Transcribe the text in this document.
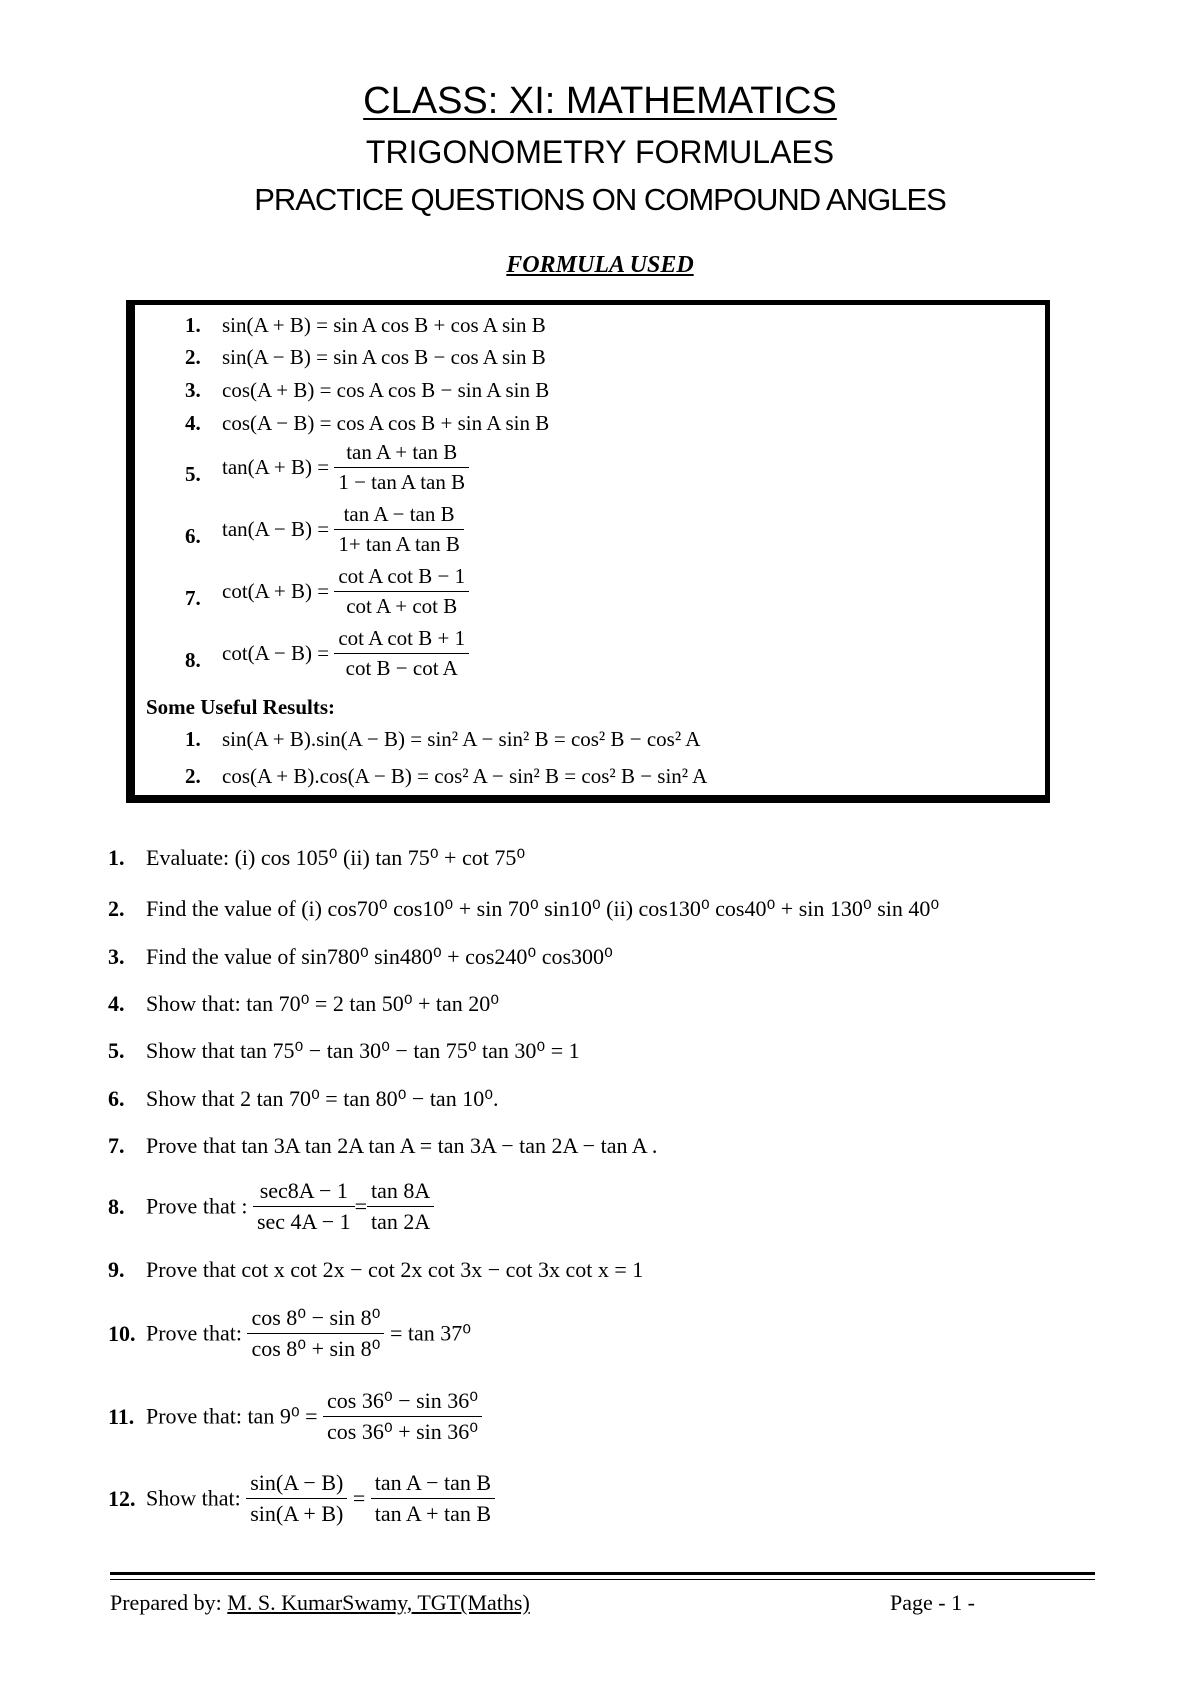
CLASS: XI: MATHEMATICS
TRIGONOMETRY FORMULAES
PRACTICE QUESTIONS ON COMPOUND ANGLES
FORMULA USED
1. sin(A + B) = sin A cos B + cos A sin B
2. sin(A − B) = sin A cos B − cos A sin B
3. cos(A + B) = cos A cos B − sin A sin B
4. cos(A − B) = cos A cos B + sin A sin B
5. $\tan(A + B) = \frac{\text{tan A + tan B}}{\text{1 − tan A tan B}}$
6. $\tan(A - B) = \frac{\text{tan A − tan B}}{\text{1+ tan A tan B}}$
7. $\cot(A + B) = \frac{\text{cot A cot B − 1}}{\text{cot A + cot B}}$
8. $\cot(A - B) = \frac{\text{cot A cot B + 1}}{\text{cot B − cot A}}$
Some Useful Results:
1. sin(A + B).sin(A − B) = sin² A − sin² B = cos² B − cos² A
2. cos(A + B).cos(A − B) = cos² A − sin² B = cos² B − sin² A
1. Evaluate: (i) cos 105⁰ (ii) tan 75⁰ + cot 75⁰
2. Find the value of (i) cos70⁰ cos10⁰ + sin 70⁰ sin10⁰ (ii) cos130⁰ cos40⁰ + sin 130⁰ sin 40⁰
3. Find the value of sin780⁰ sin480⁰ + cos240⁰ cos300⁰
4. Show that: tan 70⁰ = 2 tan 50⁰ + tan 20⁰
5. Show that tan 75⁰ − tan 30⁰ − tan 75⁰ tan 30⁰ = 1
6. Show that 2 tan 70⁰ = tan 80⁰ − tan 10⁰.
7. Prove that tan 3A tan 2A tan A = tan 3A − tan 2A − tan A .
8. Prove that : $\frac{\sec 8A - 1}{\sec 4A - 1} = \frac{\tan 8A}{\tan 2A}$
9. Prove that cot x cot 2x − cot 2x cot 3x − cot 3x cot x = 1
10. Prove that: $\frac{\text{cos 8⁰ − sin 8⁰}}{\text{cos 8⁰ + sin 8⁰}} = \tan 37^0$
11. Prove that: $\tan 9^0 = \frac{\text{cos 36⁰ − sin 36⁰}}{\text{cos 36⁰ + sin 36⁰}}$
12. Show that: $\frac{\sin(A - B)}{\sin(A + B)} = \frac{\text{tan A − tan B}}{\text{tan A + tan B}}$
Prepared by: M. S. KumarSwamy, TGT(Maths)	Page - 1 -
